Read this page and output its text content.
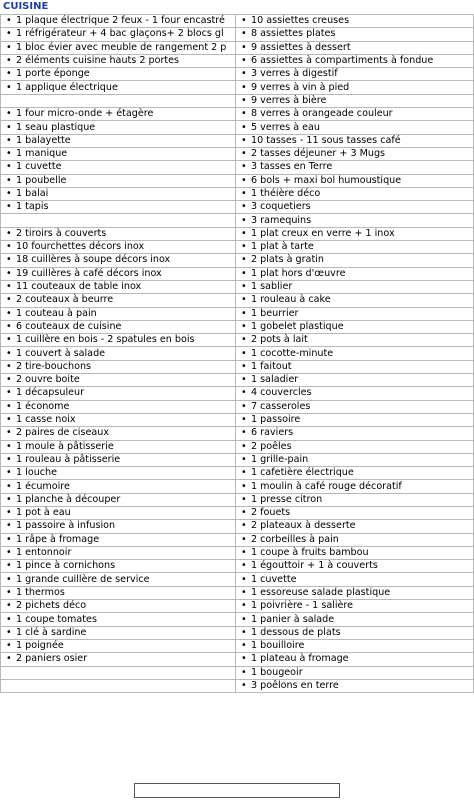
CUISINE
•1 plaque électrique 2 feux - 1 four encastré	•10 assiettes creuses
•1 réfrigérateur + 4 bac glaçons+ 2 blocs gl	•8 assiettes plates
•1 bloc évier avec meuble de rangement 2 p	•9 assiettes à dessert
•2 éléments cuisine hauts 2 portes	•6 assiettes à compartiments à fondue
•1 porte éponge	•3 verres à digestif
•1 applique électrique	•9 verres à vin à pied
	•9 verres à bière
•1 four micro-onde + étagère	•8 verres à orangeade couleur
•1 seau plastique	•5 verres à eau
•1 balayette	•10 tasses - 11 sous tasses café
•1 manique	•2 tasses déjeuner + 3 Mugs
•1 cuvette	•3 tasses en Terre
•1 poubelle	•6 bols + maxi bol humoustique
•1 balai	•1 théière déco
•1 tapis	•3 coquetiers
	•3 ramequins
•2 tiroirs à couverts	•1 plat creux en verre + 1 inox
•10 fourchettes décors inox	•1 plat à tarte
•18 cuillères à soupe décors inox	•2 plats à gratin
•19 cuillères à café décors inox	•1 plat hors d'œuvre
•11 couteaux de table inox	•1 sablier
•2 couteaux à beurre	•1 rouleau à cake
•1 couteau à pain	•1 beurrier
•6 couteaux de cuisine	•1 gobelet plastique
•1 cuillère en bois - 2 spatules en bois	•2 pots à lait
•1 couvert à salade	•1 cocotte-minute
•2 tire-bouchons	•1 faitout
•2 ouvre boite	•1 saladier
•1 décapsuleur	•4 couvercles
•1 économe	•7 casseroles
•1 casse noix	•1 passoire
•2 paires de ciseaux	•6 raviers
•1 moule à pâtisserie	•2 poêles
•1 rouleau à pâtisserie	•1 grille-pain
•1 louche	•1 cafetière électrique
•1 écumoire	•1 moulin à café rouge décoratif
•1 planche à découper	•1 presse citron
•1 pot à eau	•2 fouets
•1 passoire à infusion	•2 plateaux à desserte
•1 râpe à fromage	•2 corbeilles à pain
•1 entonnoir	•1 coupe à fruits bambou
•1 pince à cornichons	•1 égouttoir + 1 à couverts
•1 grande cuillère de service	•1 cuvette
•1 thermos	•1 essoreuse salade plastique
•2 pichets déco	•1 poivrière - 1 salière
•1 coupe tomates	•1 panier à salade
•1 clé à sardine	•1 dessous de plats
•1 poignée	•1 bouilloire
•2 paniers osier	•1 plateau à fromage
	•1 bougeoir
	•3 poêlons en terre
